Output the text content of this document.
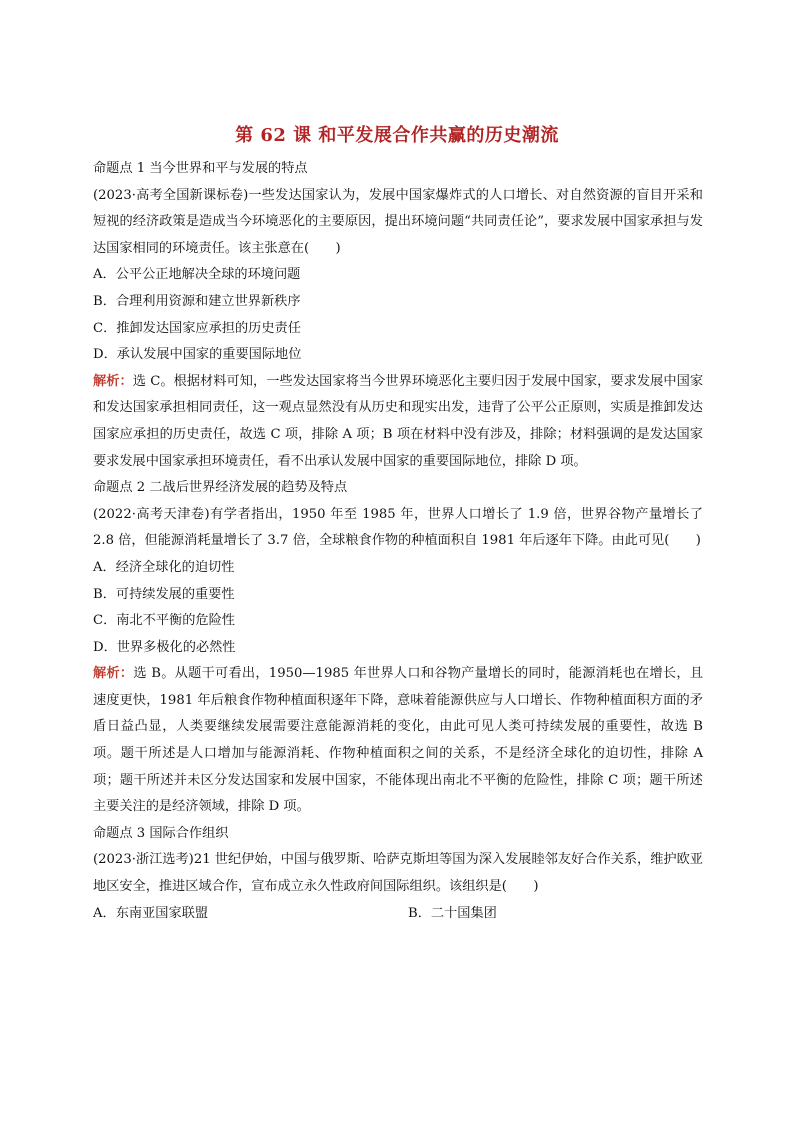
第 62 课 和平发展合作共赢的历史潮流

命题点 1 当今世界和平与发展的特点

(2023·高考全国新课标卷)一些发达国家认为，发展中国家爆炸式的人口增长、对自然资源的盲目开采和短视的经济政策是造成当今环境恶化的主要原因，提出环境问题“共同责任论”，要求发展中国家承担与发达国家相同的环境责任。该主张意在(　　)

A．公平公正地解决全球的环境问题

B．合理利用资源和建立世界新秩序

C．推卸发达国家应承担的历史责任

D．承认发展中国家的重要国际地位

解析：选 C。根据材料可知，一些发达国家将当今世界环境恶化主要归因于发展中国家，要求发展中国家和发达国家承担相同责任，这一观点显然没有从历史和现实出发，违背了公平公正原则，实质是推卸发达国家应承担的历史责任，故选 C 项，排除 A 项；B 项在材料中没有涉及，排除；材料强调的是发达国家要求发展中国家承担环境责任，看不出承认发展中国家的重要国际地位，排除 D 项。

命题点 2 二战后世界经济发展的趋势及特点

(2022·高考天津卷)有学者指出，1950 年至 1985 年，世界人口增长了 1.9 倍，世界谷物产量增长了 2.8 倍，但能源消耗量增长了 3.7 倍，全球粮食作物的种植面积自 1981 年后逐年下降。由此可见(　　)

A．经济全球化的迫切性

B．可持续发展的重要性

C．南北不平衡的危险性

D．世界多极化的必然性

解析：选 B。从题干可看出，1950—1985 年世界人口和谷物产量增长的同时，能源消耗也在增长，且速度更快，1981 年后粮食作物种植面积逐年下降，意味着能源供应与人口增长、作物种植面积方面的矛盾日益凸显，人类要继续发展需要注意能源消耗的变化，由此可见人类可持续发展的重要性，故选 B 项。题干所述是人口增加与能源消耗、作物种植面积之间的关系，不是经济全球化的迫切性，排除 A 项；题干所述并未区分发达国家和发展中国家，不能体现出南北不平衡的危险性，排除 C 项；题干所述主要关注的是经济领域，排除 D 项。

命题点 3 国际合作组织

(2023·浙江选考)21 世纪伊始，中国与俄罗斯、哈萨克斯坦等国为深入发展睦邻友好合作关系，维护欧亚地区安全，推进区域合作，宣布成立永久性政府间国际组织。该组织是(　　)

A．东南亚国家联盟	B．二十国集团
